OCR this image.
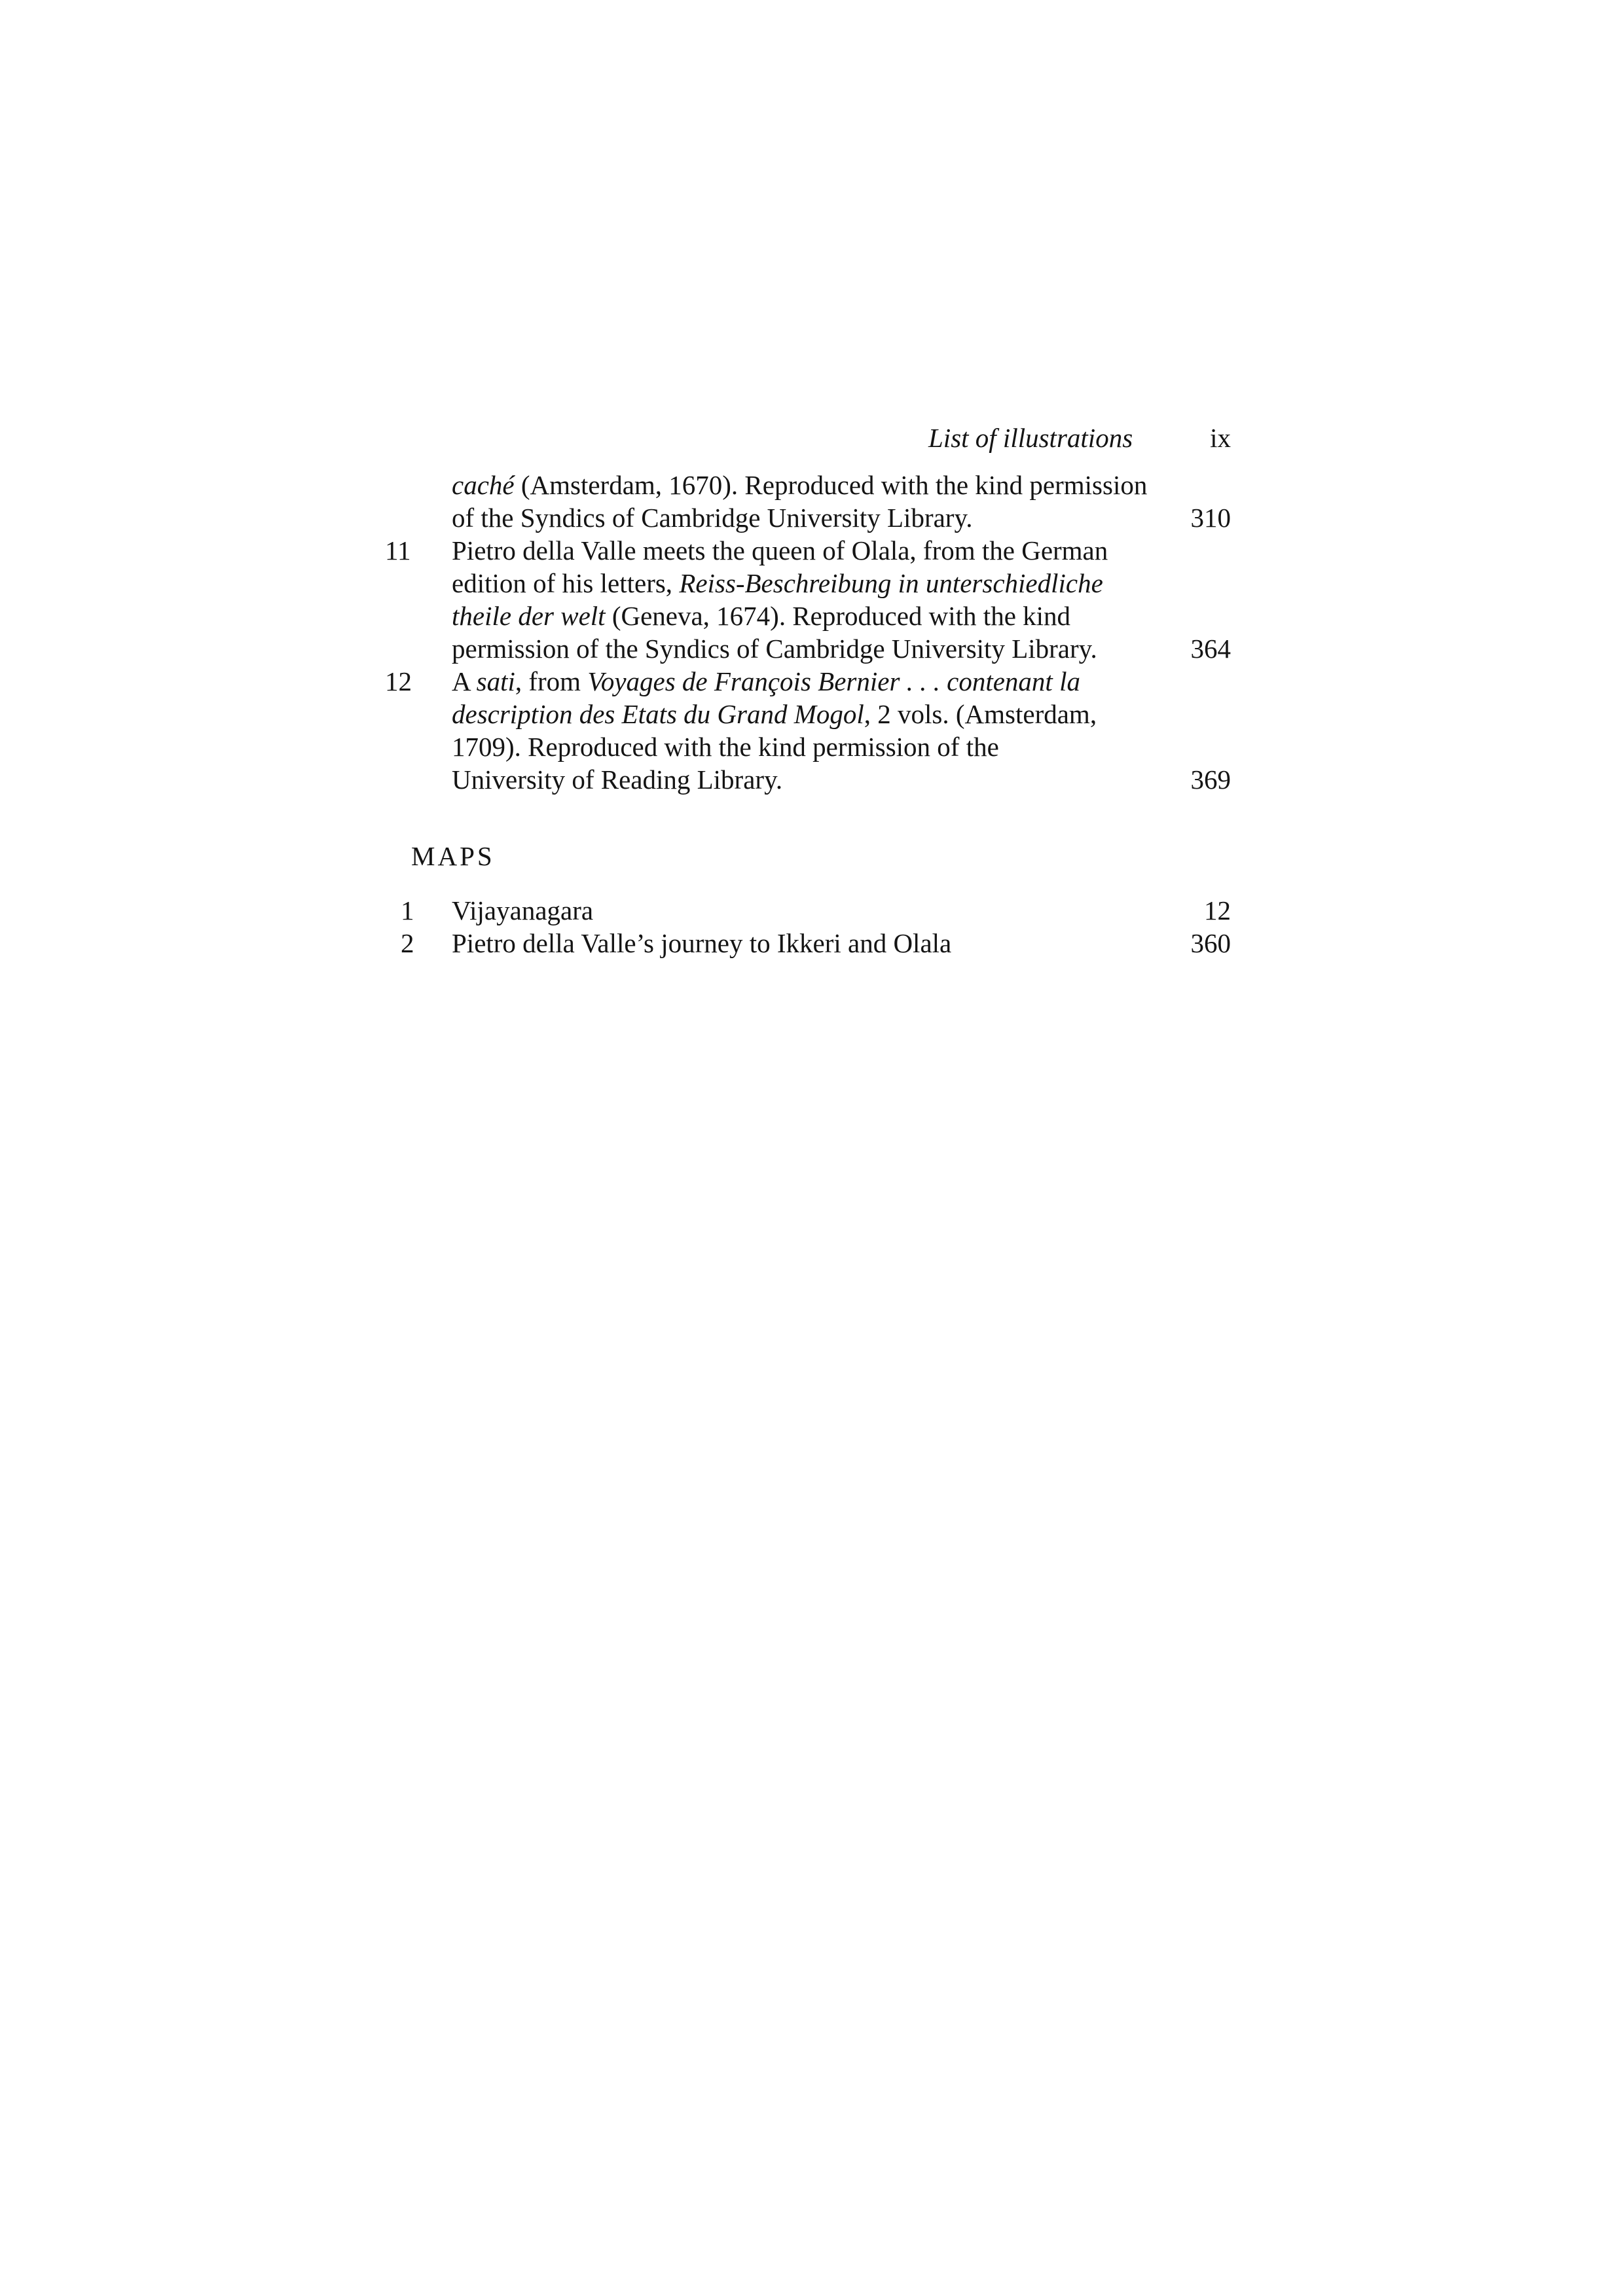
List of illustrations	ix
caché (Amsterdam, 1670). Reproduced with the kind permission
of the Syndics of Cambridge University Library.	310
11 Pietro della Valle meets the queen of Olala, from the German
edition of his letters, Reiss-Beschreibung in unterschiedliche
theile der welt (Geneva, 1674). Reproduced with the kind
permission of the Syndics of Cambridge University Library.	364
12 A sati, from Voyages de François Bernier . . . contenant la
description des Etats du Grand Mogol, 2 vols. (Amsterdam,
1709). Reproduced with the kind permission of the
University of Reading Library.	369
MAPS
1 Vijayanagara	12
2 Pietro della Valle’s journey to Ikkeri and Olala	360
